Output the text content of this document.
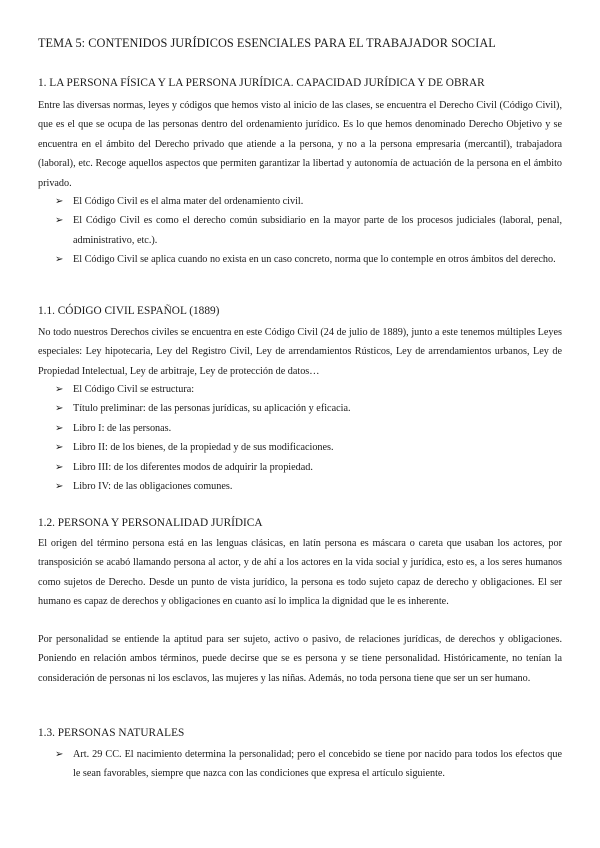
TEMA 5: CONTENIDOS JURÍDICOS ESENCIALES PARA EL TRABAJADOR SOCIAL
1. LA PERSONA FÍSICA Y LA PERSONA JURÍDICA. CAPACIDAD JURÍDICA Y DE OBRAR

Entre las diversas normas, leyes y códigos que hemos visto al inicio de las clases, se encuentra el Derecho Civil (Código Civil), que es el que se ocupa de las personas dentro del ordenamiento jurídico. Es lo que hemos denominado Derecho Objetivo y se encuentra en el ámbito del Derecho privado que atiende a la persona, y no a la persona empresaria (mercantil), trabajadora (laboral), etc. Recoge aquellos aspectos que permiten garantizar la libertad y autonomía de actuación de la persona en el ámbito privado.

➢ El Código Civil es el alma mater del ordenamiento civil.
➢ El Código Civil es como el derecho común subsidiario en la mayor parte de los procesos judiciales (laboral, penal, administrativo, etc.).
➢ El Código Civil se aplica cuando no exista en un caso concreto, norma que lo contemple en otros ámbitos del derecho.
1.1. CÓDIGO CIVIL ESPAÑOL (1889)

No todo nuestros Derechos civiles se encuentra en este Código Civil (24 de julio de 1889), junto a este tenemos múltiples Leyes especiales: Ley hipotecaria, Ley del Registro Civil, Ley de arrendamientos Rústicos, Ley de arrendamientos urbanos, Ley de Propiedad Intelectual, Ley de arbitraje, Ley de protección de datos…

➢ El Código Civil se estructura:
➢ Título preliminar: de las personas jurídicas, su aplicación y eficacia.
➢ Libro I: de las personas.
➢ Libro II: de los bienes, de la propiedad y de sus modificaciones.
➢ Libro III: de los diferentes modos de adquirir la propiedad.
➢ Libro IV: de las obligaciones comunes.
1.2. PERSONA Y PERSONALIDAD JURÍDICA

El origen del término persona está en las lenguas clásicas, en latín persona es máscara o careta que usaban los actores, por transposición se acabó llamando persona al actor, y de ahí a los actores en la vida social y jurídica, esto es, a los seres humanos como sujetos de Derecho. Desde un punto de vista jurídico, la persona es todo sujeto capaz de derecho y obligaciones. El ser humano es capaz de derechos y obligaciones en cuanto así lo implica la dignidad que le es inherente.

Por personalidad se entiende la aptitud para ser sujeto, activo o pasivo, de relaciones jurídicas, de derechos y obligaciones. Poniendo en relación ambos términos, puede decirse que se es persona y se tiene personalidad. Históricamente, no tenían la consideración de personas ni los esclavos, las mujeres y las niñas. Además, no toda persona tiene que ser un ser humano.

1.3. PERSONAS NATURALES
➢ Art. 29 CC. El nacimiento determina la personalidad; pero el concebido se tiene por nacido para todos los efectos que le sean favorables, siempre que nazca con las condiciones que expresa el artículo siguiente.
